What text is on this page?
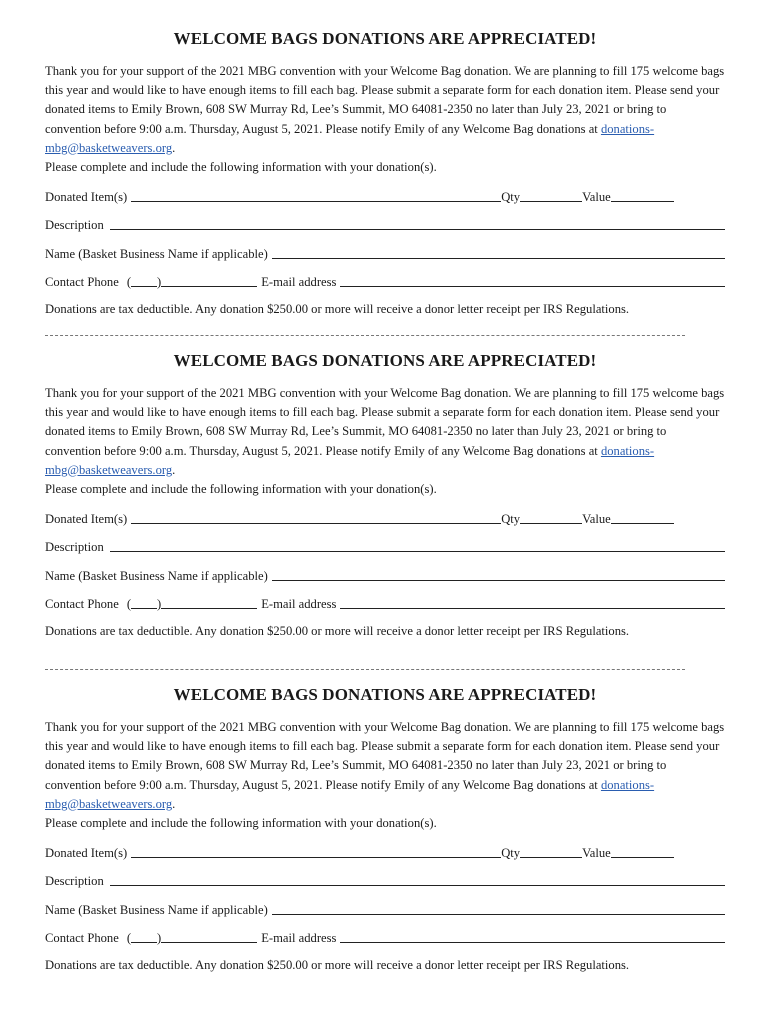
WELCOME BAGS DONATIONS ARE APPRECIATED!
Thank you for your support of the 2021 MBG convention with your Welcome Bag donation. We are planning to fill 175 welcome bags this year and would like to have enough items to fill each bag. Please submit a separate form for each donation item. Please send your donated items to Emily Brown, 608 SW Murray Rd, Lee’s Summit, MO 64081-2350 no later than July 23, 2021 or bring to convention before 9:00 a.m. Thursday, August 5, 2021. Please notify Emily of any Welcome Bag donations at donations-mbg@basketweavers.org.
Please complete and include the following information with your donation(s).
Donated Item(s)	Qty	Value
Description
Name (Basket Business Name if applicable)
Contact Phone ( )	E-mail address
Donations are tax deductible. Any donation $250.00 or more will receive a donor letter receipt per IRS Regulations.
WELCOME BAGS DONATIONS ARE APPRECIATED!
Thank you for your support of the 2021 MBG convention with your Welcome Bag donation. We are planning to fill 175 welcome bags this year and would like to have enough items to fill each bag. Please submit a separate form for each donation item. Please send your donated items to Emily Brown, 608 SW Murray Rd, Lee’s Summit, MO 64081-2350 no later than July 23, 2021 or bring to convention before 9:00 a.m. Thursday, August 5, 2021. Please notify Emily of any Welcome Bag donations at donations-mbg@basketweavers.org.
Please complete and include the following information with your donation(s).
Donated Item(s)	Qty	Value
Description
Name (Basket Business Name if applicable)
Contact Phone ( )	E-mail address
Donations are tax deductible. Any donation $250.00 or more will receive a donor letter receipt per IRS Regulations.
WELCOME BAGS DONATIONS ARE APPRECIATED!
Thank you for your support of the 2021 MBG convention with your Welcome Bag donation. We are planning to fill 175 welcome bags this year and would like to have enough items to fill each bag. Please submit a separate form for each donation item. Please send your donated items to Emily Brown, 608 SW Murray Rd, Lee’s Summit, MO 64081-2350 no later than July 23, 2021 or bring to convention before 9:00 a.m. Thursday, August 5, 2021. Please notify Emily of any Welcome Bag donations at donations-mbg@basketweavers.org.
Please complete and include the following information with your donation(s).
Donated Item(s)	Qty	Value
Description
Name (Basket Business Name if applicable)
Contact Phone ( )	E-mail address
Donations are tax deductible. Any donation $250.00 or more will receive a donor letter receipt per IRS Regulations.
